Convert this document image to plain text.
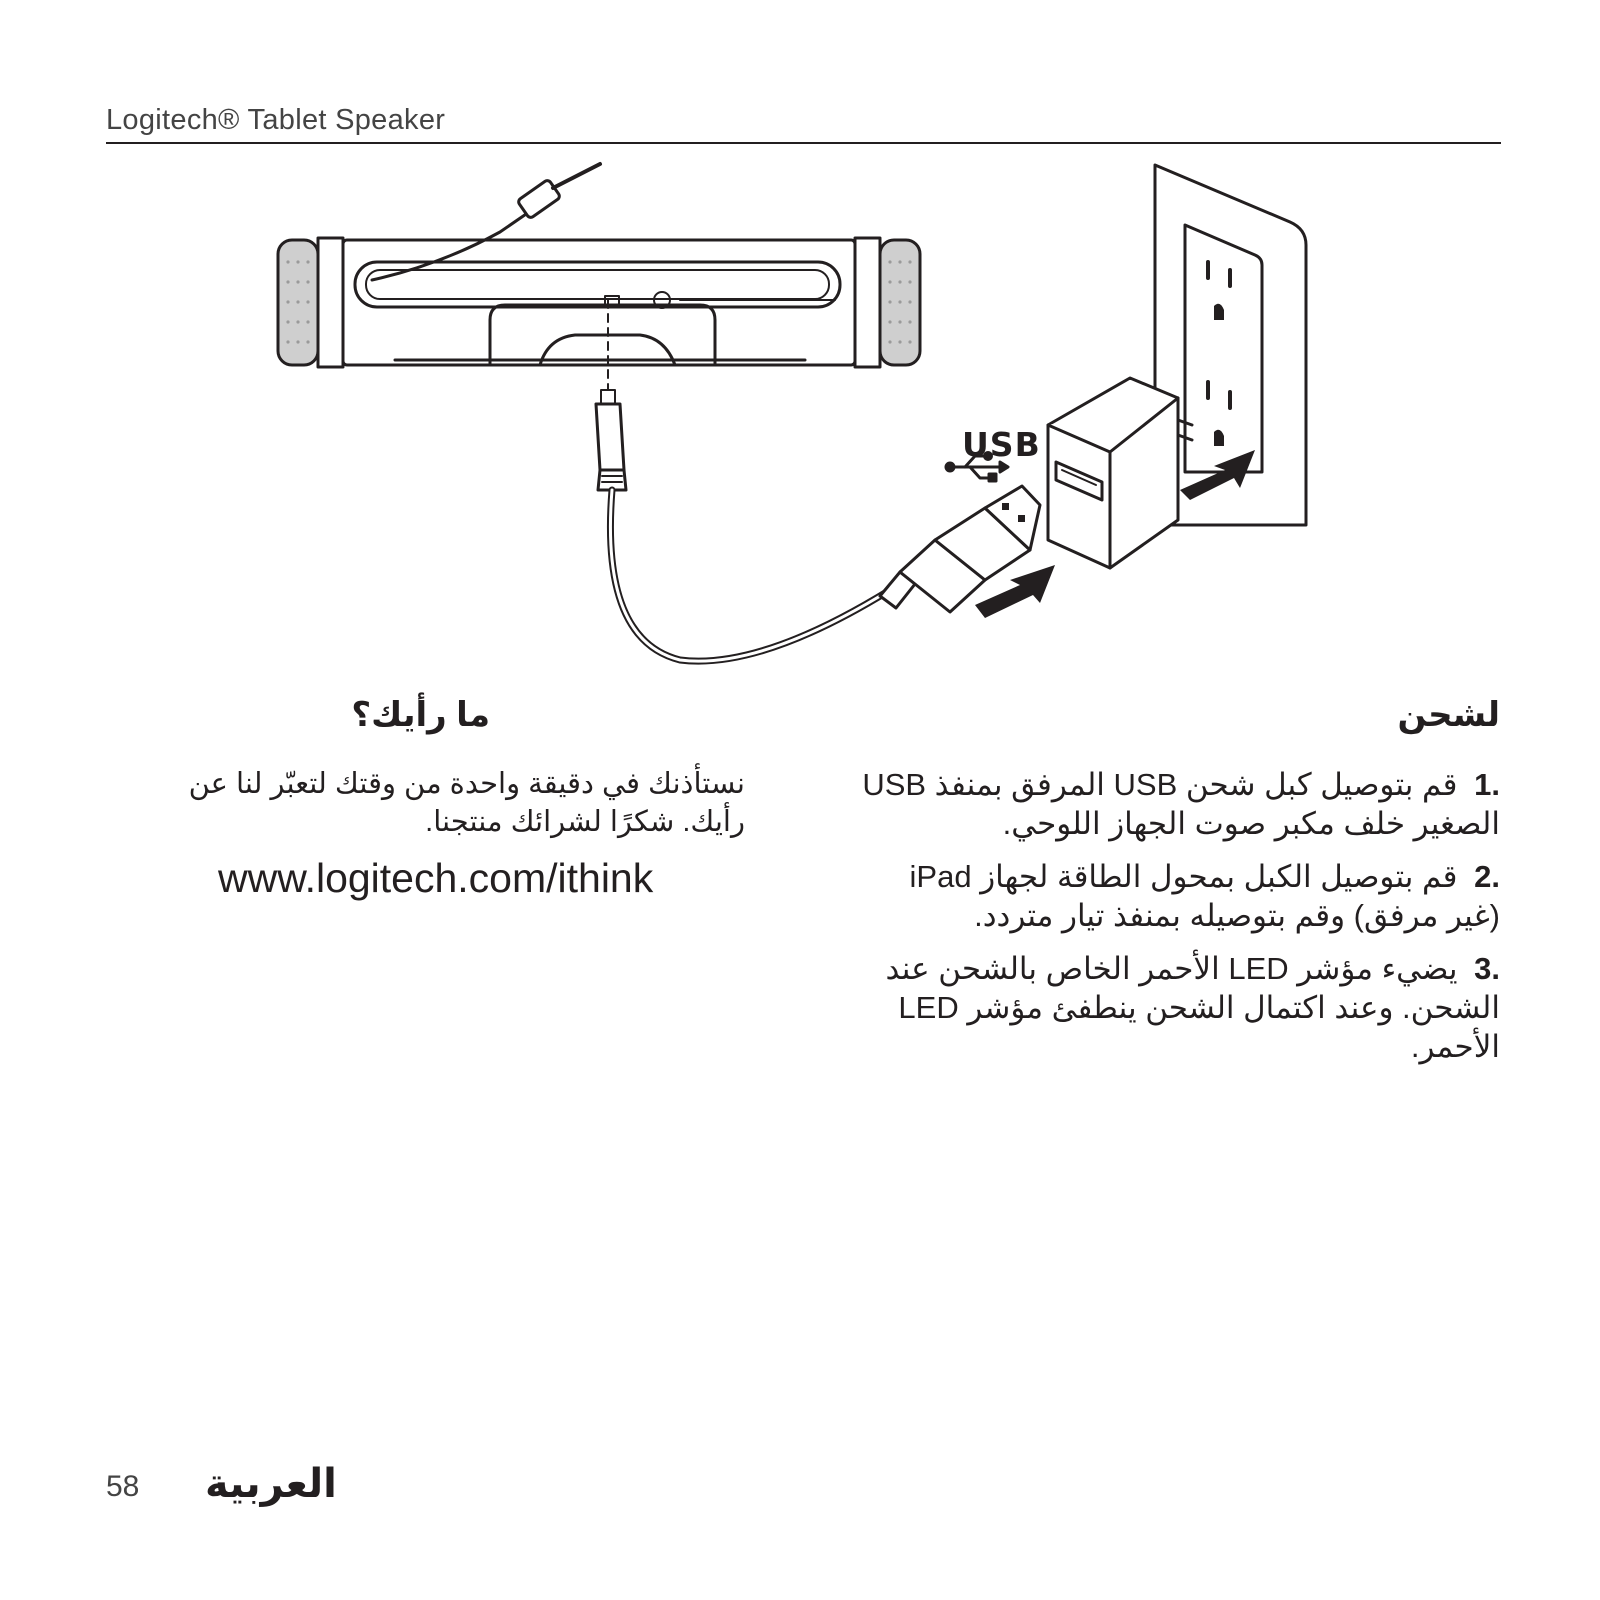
Logitech® Tablet Speaker
USB
لشحن
.1 قم بتوصيل كبل شحن USB المرفق بمنفذ USB الصغير خلف مكبر صوت الجهاز اللوحي.
.2 قم بتوصيل الكبل بمحول الطاقة لجهاز iPad (غير مرفق) وقم بتوصيله بمنفذ تيار متردد.
.3 يضيء مؤشر LED الأحمر الخاص بالشحن عند الشحن. وعند اكتمال الشحن ينطفئ مؤشر LED الأحمر.
ما رأيك؟
نستأذنك في دقيقة واحدة من وقتك لتعبّر لنا عن رأيك. شكرًا لشرائك منتجنا.
www.logitech.com/ithink
58 العربية
